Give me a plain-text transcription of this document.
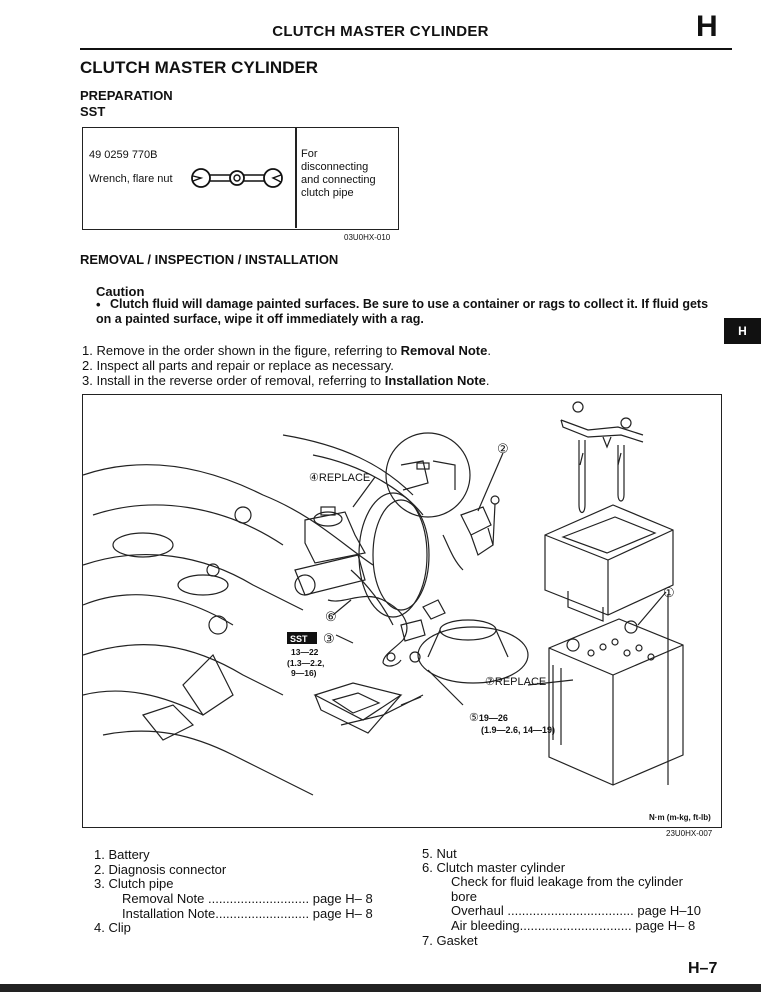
CLUTCH MASTER CYLINDER	H
CLUTCH MASTER CYLINDER
PREPARATION
SST
49 0259 770B
Wrench, flare nut
For
disconnecting
and connecting
clutch pipe
03U0HX-010
REMOVAL / INSPECTION / INSTALLATION
Caution
• Clutch fluid will damage painted surfaces. Be sure to use a container or rags to collect it. If fluid gets on a painted surface, wipe it off immediately with a rag.
H
1. Remove in the order shown in the figure, referring to Removal Note.
2. Inspect all parts and repair or replace as necessary.
3. Install in the reverse order of removal, referring to Installation Note.
④REPLACE
②
①
⑥
⑦REPLACE
⑤19—26
(1.9—2.6, 14—19)
SST ③
13—22
(1.3—2.2,
9—16)
N·m (m-kg, ft-lb)
23U0HX-007
1. Battery
2. Diagnosis connector
3. Clutch pipe
Removal Note ............................ page H– 8
Installation Note.......................... page H– 8
4. Clip
5. Nut
6. Clutch master cylinder
Check for fluid leakage from the cylinder
bore
Overhaul ................................... page H–10
Air bleeding............................... page H– 8
7. Gasket
H–7
